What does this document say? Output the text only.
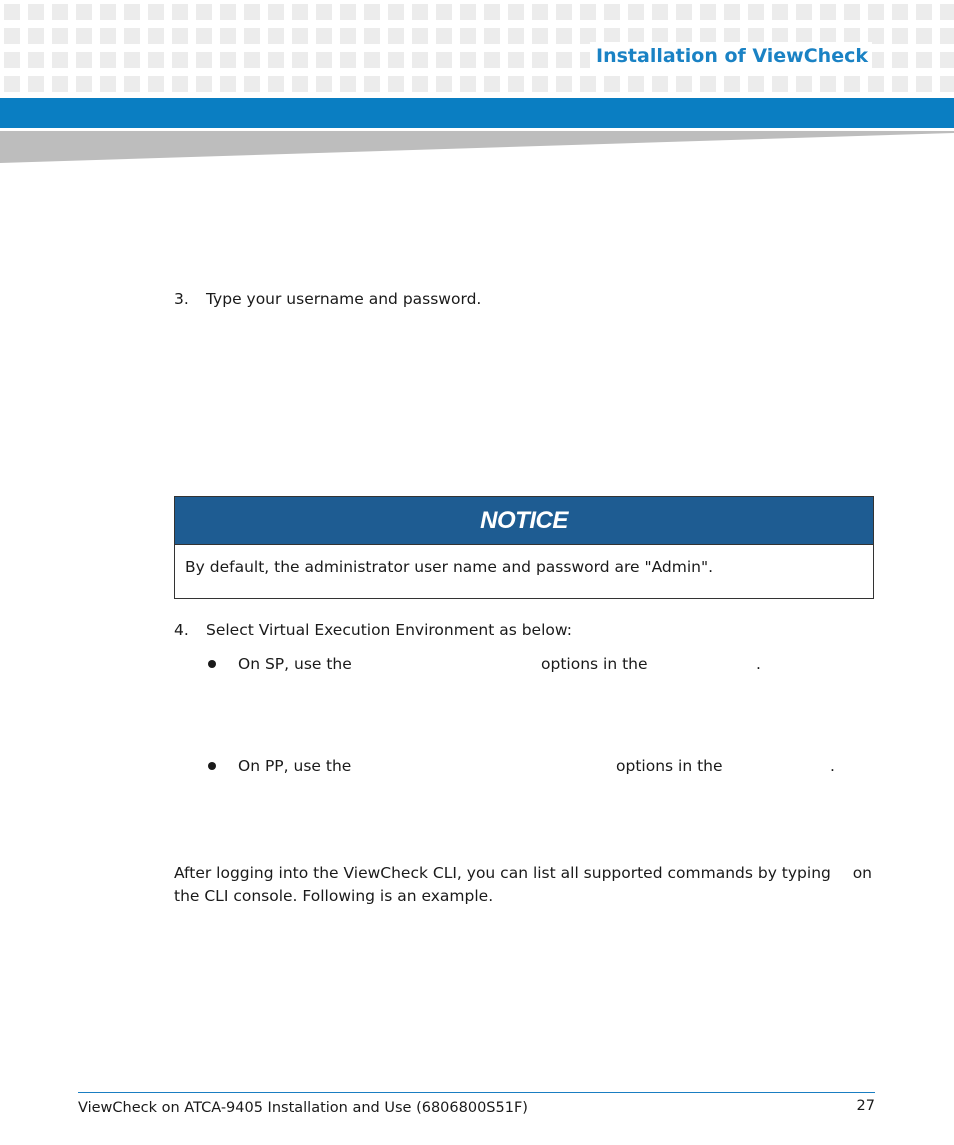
Installation of ViewCheck
3. Type your username and password.
NOTICE
By default, the administrator user name and password are "Admin".
4. Select Virtual Execution Environment as below:
On SP, use the	options in the	.
On PP, use the	options in the	.
After logging into the ViewCheck CLI, you can list all supported commands by typing on
the CLI console. Following is an example.
ViewCheck on ATCA-9405 Installation and Use (6806800S51F)	27
